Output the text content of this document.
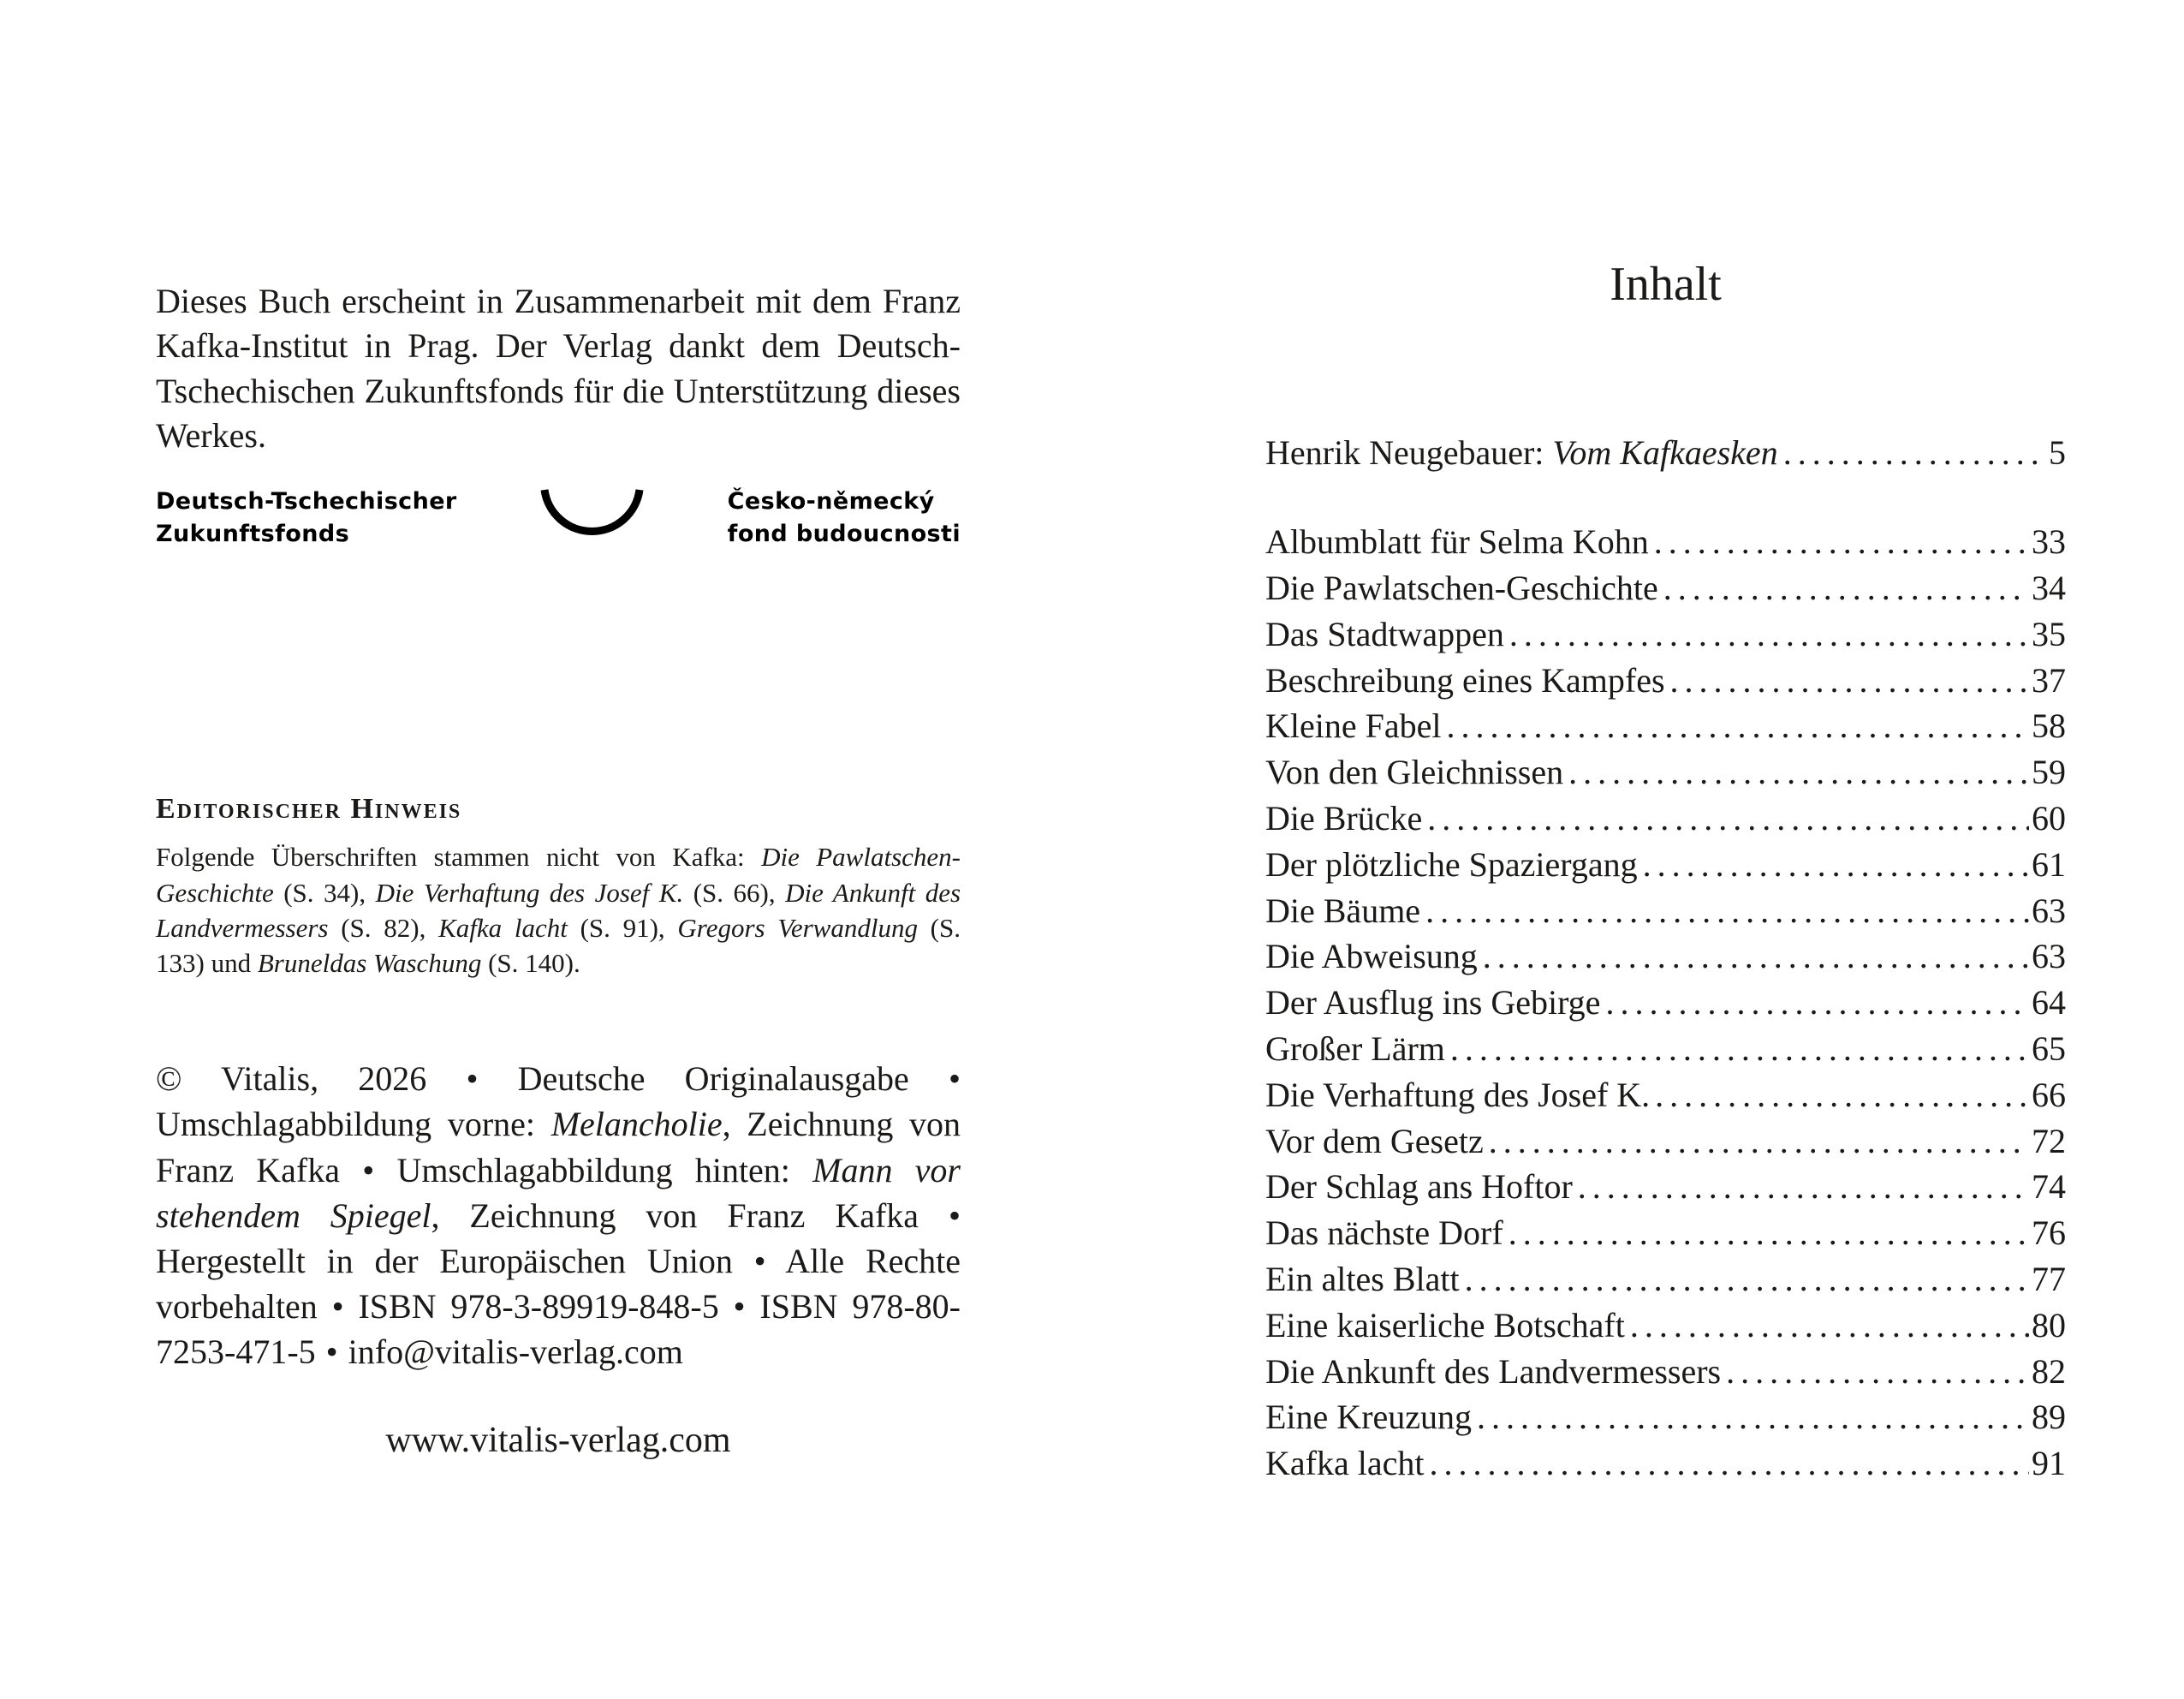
Dieses Buch erscheint in Zusammenarbeit mit dem Franz Kafka-Institut in Prag. Der Verlag dankt dem Deutsch-Tschechischen Zukunftsfonds für die Unterstützung dieses Werkes.

Deutsch-Tschechischer
Zukunftsfonds
Česko-německý
fond budoucnosti
Editorischer Hinweis

Folgende Überschriften stammen nicht von Kafka: Die Pawlatschen-Geschichte (S. 34), Die Verhaftung des Josef K. (S. 66), Die Ankunft des Landvermessers (S. 82), Kafka lacht (S. 91), Gregors Verwandlung (S. 133) und Bruneldas Waschung (S. 140).

© Vitalis, 2026 • Deutsche Originalausgabe • Umschlagabbildung vorne: Melancholie, Zeichnung von Franz Kafka • Umschlagabbildung hinten: Mann vor stehendem Spiegel, Zeichnung von Franz Kafka • Hergestellt in der Europäischen Union • Alle Rechte vorbehalten • ISBN 978-3-89919-848-5 • ISBN 978-80-7253-471-5 • info@vitalis-verlag.com

www.vitalis-verlag.com

Inhalt
Henrik Neugebauer: Vom Kafkaesken .....	5
Albumblatt für Selma Kohn .....	33
Die Pawlatschen-Geschichte .....	34
Das Stadtwappen .....	35
Beschreibung eines Kampfes .....	37
Kleine Fabel .....	58
Von den Gleichnissen .....	59
Die Brücke .....	60
Der plötzliche Spaziergang .....	61
Die Bäume .....	63
Die Abweisung .....	63
Der Ausflug ins Gebirge .....	64
Großer Lärm .....	65
Die Verhaftung des Josef K. .....	66
Vor dem Gesetz .....	72
Der Schlag ans Hoftor .....	74
Das nächste Dorf .....	76
Ein altes Blatt .....	77
Eine kaiserliche Botschaft .....	80
Die Ankunft des Landvermessers .....	82
Eine Kreuzung .....	89
Kafka lacht .....	91
